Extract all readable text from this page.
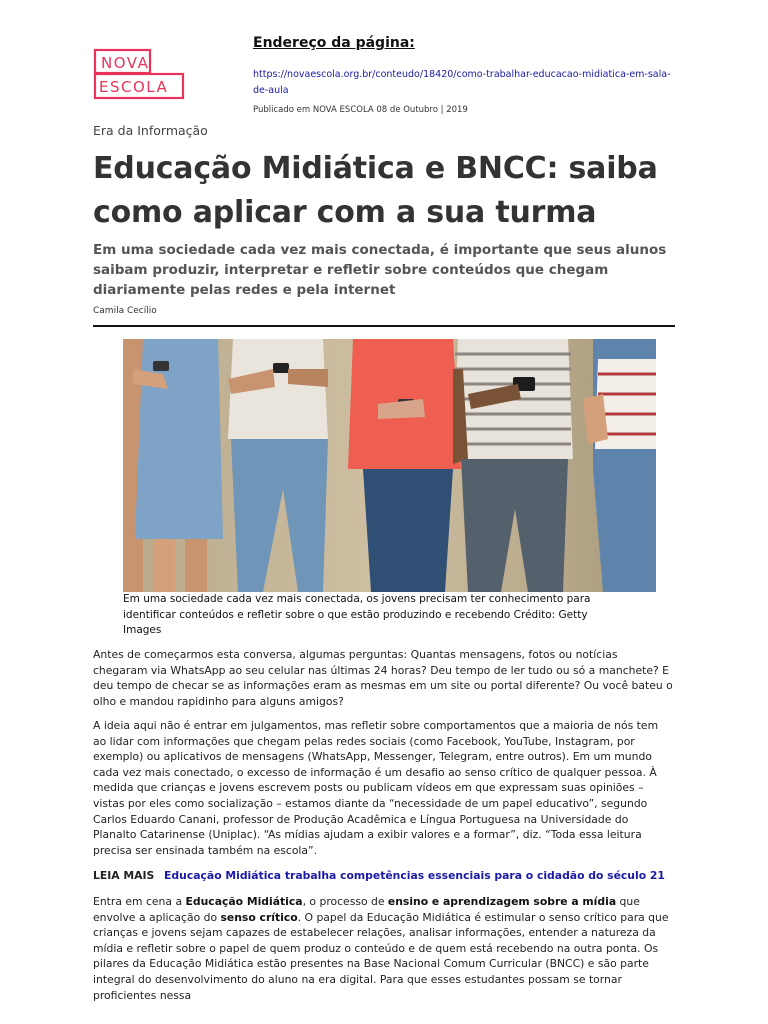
NOVA
ESCOLA
Endereço da página:
https://novaescola.org.br/conteudo/18420/como-trabalhar-educacao-midiatica-em-sala-de-aula
Publicado em NOVA ESCOLA 08 de Outubro | 2019
Era da Informação
Educação Midiática e BNCC: saiba como aplicar com a sua turma
Em uma sociedade cada vez mais conectada, é importante que seus alunos saibam produzir, interpretar e refletir sobre conteúdos que chegam diariamente pelas redes e pela internet
Camila Cecílio
Em uma sociedade cada vez mais conectada, os jovens precisam ter conhecimento para identificar conteúdos e refletir sobre o que estão produzindo e recebendo Crédito: Getty Images

Antes de começarmos esta conversa, algumas perguntas: Quantas mensagens, fotos ou notícias chegaram via WhatsApp ao seu celular nas últimas 24 horas? Deu tempo de ler tudo ou só a manchete? E deu tempo de checar se as informações eram as mesmas em um site ou portal diferente? Ou você bateu o olho e mandou rapidinho para alguns amigos?

A ideia aqui não é entrar em julgamentos, mas refletir sobre comportamentos que a maioria de nós tem ao lidar com informações que chegam pelas redes sociais (como Facebook, YouTube, Instagram, por exemplo) ou aplicativos de mensagens (WhatsApp, Messenger, Telegram, entre outros). Em um mundo cada vez mais conectado, o excesso de informação é um desafio ao senso crítico de qualquer pessoa. À medida que crianças e jovens escrevem posts ou publicam vídeos em que expressam suas opiniões – vistas por eles como socialização – estamos diante da “necessidade de um papel educativo”, segundo Carlos Eduardo Canani, professor de Produção Acadêmica e Língua Portuguesa na Universidade do Planalto Catarinense (Uniplac). “As mídias ajudam a exibir valores e a formar”, diz. “Toda essa leitura precisa ser ensinada também na escola”.

LEIA MAIS Educação Midiática trabalha competências essenciais para o cidadão do século 21

Entra em cena a Educação Midiática, o processo de ensino e aprendizagem sobre a mídia que envolve a aplicação do senso crítico. O papel da Educação Midiática é estimular o senso crítico para que crianças e jovens sejam capazes de estabelecer relações, analisar informações, entender a natureza da mídia e refletir sobre o papel de quem produz o conteúdo e de quem está recebendo na outra ponta. Os pilares da Educação Midiática estão presentes na Base Nacional Comum Curricular (BNCC) e são parte integral do desenvolvimento do aluno na era digital. Para que esses estudantes possam se tornar proficientes nessa
